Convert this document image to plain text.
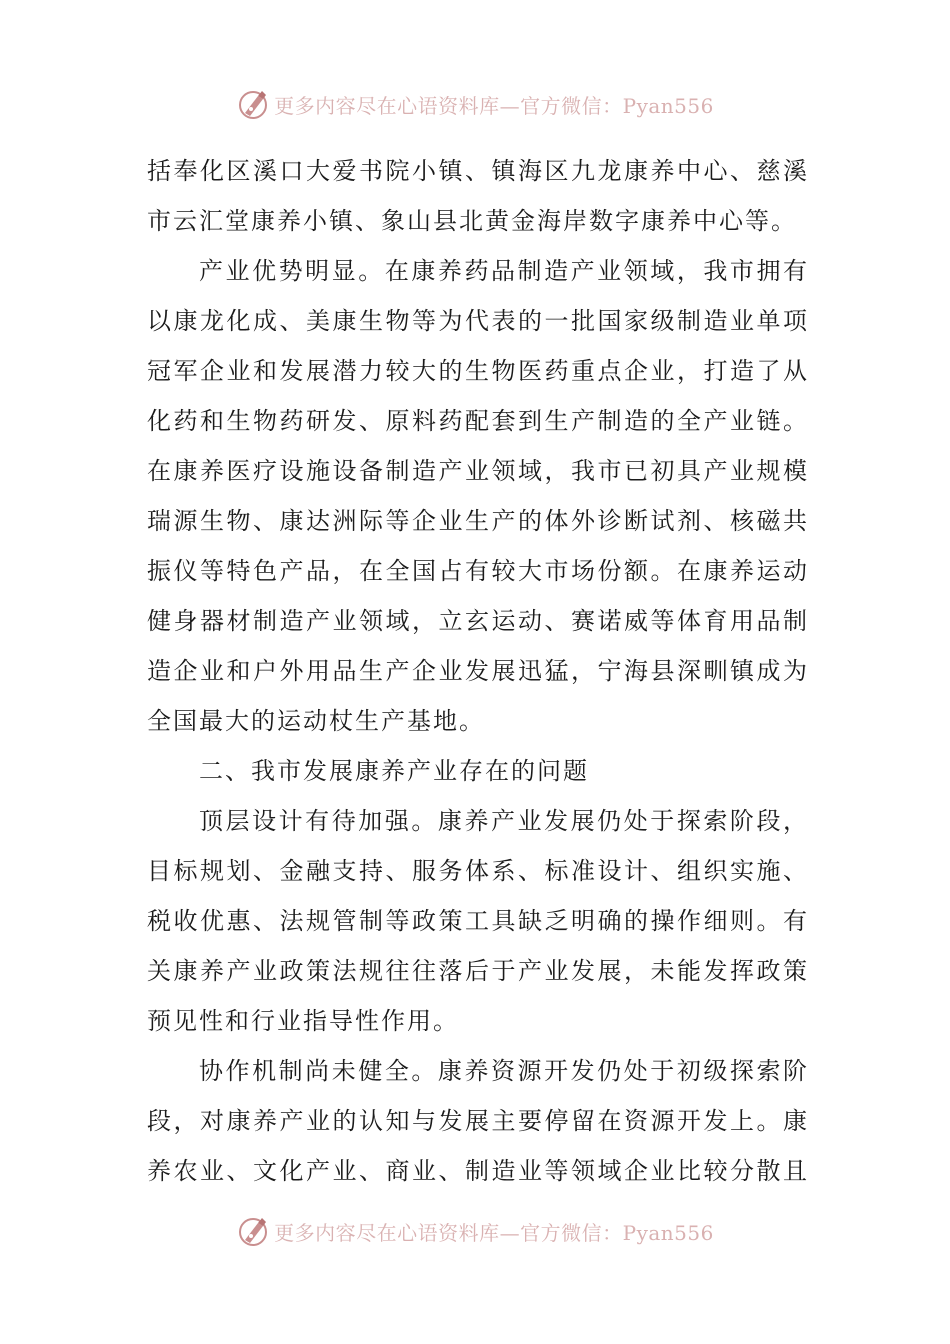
更多内容尽在心语资料库—官方微信：Pyan556
括奉化区溪口大爱书院小镇、镇海区九龙康养中心、慈溪
市云汇堂康养小镇、象山县北黄金海岸数字康养中心等。
产业优势明显。在康养药品制造产业领域，我市拥有
以康龙化成、美康生物等为代表的一批国家级制造业单项
冠军企业和发展潜力较大的生物医药重点企业，打造了从
化药和生物药研发、原料药配套到生产制造的全产业链。
在康养医疗设施设备制造产业领域，我市已初具产业规模
瑞源生物、康达洲际等企业生产的体外诊断试剂、核磁共
振仪等特色产品，在全国占有较大市场份额。在康养运动
健身器材制造产业领域，立玄运动、赛诺威等体育用品制
造企业和户外用品生产企业发展迅猛，宁海县深甽镇成为
全国最大的运动杖生产基地。
二、我市发展康养产业存在的问题
顶层设计有待加强。康养产业发展仍处于探索阶段，
目标规划、金融支持、服务体系、标准设计、组织实施、
税收优惠、法规管制等政策工具缺乏明确的操作细则。有
关康养产业政策法规往往落后于产业发展，未能发挥政策
预见性和行业指导性作用。
协作机制尚未健全。康养资源开发仍处于初级探索阶
段，对康养产业的认知与发展主要停留在资源开发上。康
养农业、文化产业、商业、制造业等领域企业比较分散且
更多内容尽在心语资料库—官方微信：Pyan556
